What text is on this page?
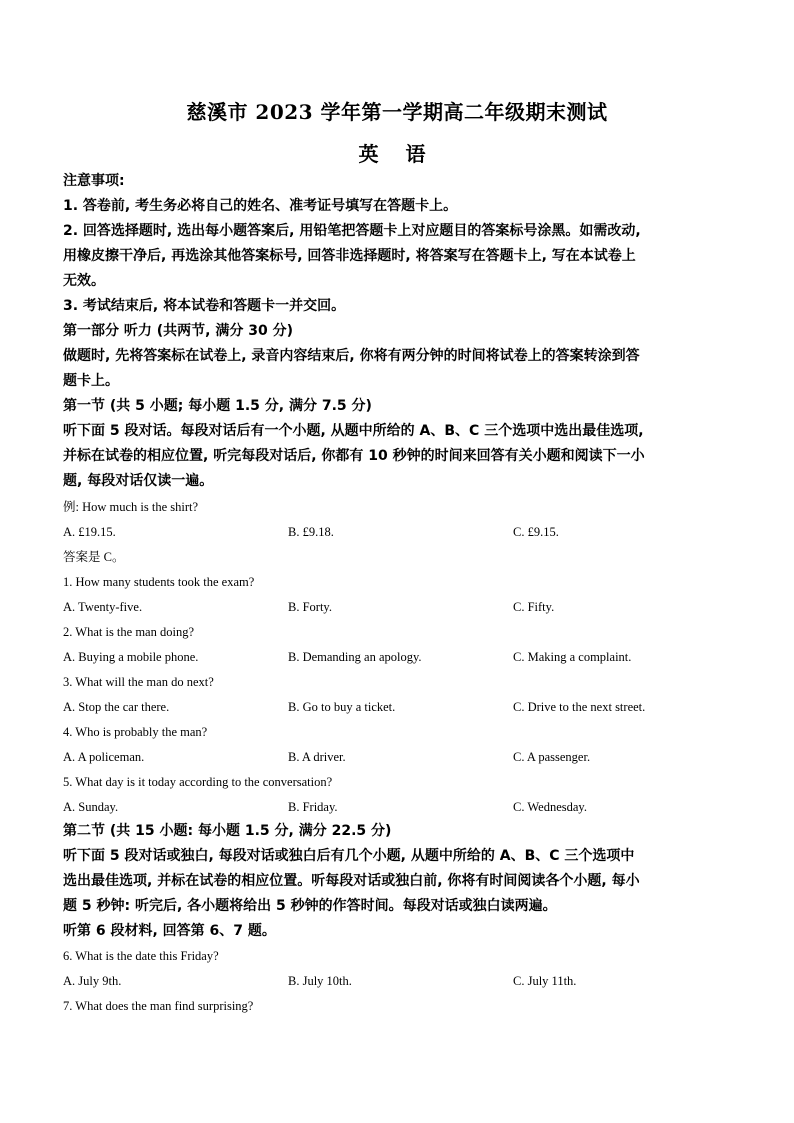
慈溪市 2023 学年第一学期高二年级期末测试
英 语
注意事项:
1. 答卷前, 考生务必将自己的姓名、准考证号填写在答题卡上。
2. 回答选择题时, 选出每小题答案后, 用铅笔把答题卡上对应题目的答案标号涂黑。如需改动,
用橡皮擦干净后, 再选涂其他答案标号, 回答非选择题时, 将答案写在答题卡上, 写在本试卷上
无效。
3. 考试结束后, 将本试卷和答题卡一并交回。
第一部分 听力 (共两节, 满分 30 分)
做题时, 先将答案标在试卷上, 录音内容结束后, 你将有两分钟的时间将试卷上的答案转涂到答
题卡上。
第一节 (共 5 小题; 每小题 1.5 分, 满分 7.5 分)
听下面 5 段对话。每段对话后有一个小题, 从题中所给的 A、B、C 三个选项中选出最佳选项,
并标在试卷的相应位置, 听完每段对话后, 你都有 10 秒钟的时间来回答有关小题和阅读下一小
题, 每段对话仅读一遍。
例: How much is the shirt?
A. £19.15.	B. £9.18.	C. £9.15.
答案是 C。
1. How many students took the exam?
A. Twenty-five.	B. Forty.	C. Fifty.
2. What is the man doing?
A. Buying a mobile phone.	B. Demanding an apology.	C. Making a complaint.
3. What will the man do next?
A. Stop the car there.	B. Go to buy a ticket.	C. Drive to the next street.
4. Who is probably the man?
A. A policeman.	B. A driver.	C. A passenger.
5. What day is it today according to the conversation?
A. Sunday.	B. Friday.	C. Wednesday.
第二节 (共 15 小题: 每小题 1.5 分, 满分 22.5 分)
听下面 5 段对话或独白, 每段对话或独白后有几个小题, 从题中所给的 A、B、C 三个选项中
选出最佳选项, 并标在试卷的相应位置。听每段对话或独白前, 你将有时间阅读各个小题, 每小
题 5 秒钟: 听完后, 各小题将给出 5 秒钟的作答时间。每段对话或独白读两遍。
听第 6 段材料, 回答第 6、7 题。
6. What is the date this Friday?
A. July 9th.	B. July 10th.	C. July 11th.
7. What does the man find surprising?
